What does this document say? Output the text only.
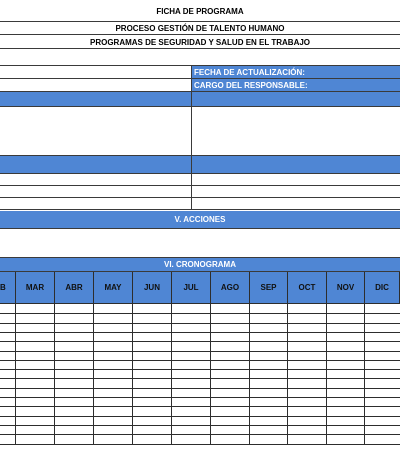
FICHA DE PROGRAMA
PROCESO GESTIÓN DE TALENTO HUMANO
PROGRAMAS DE SEGURIDAD Y SALUD EN EL TRABAJO
FECHA DE ACTUALIZACIÓN:
CARGO DEL RESPONSABLE:
V. ACCIONES
VI. CRONOGRAMA
B	MAR	ABR	MAY	JUN	JUL	AGO	SEP	OCT	NOV	DIC
